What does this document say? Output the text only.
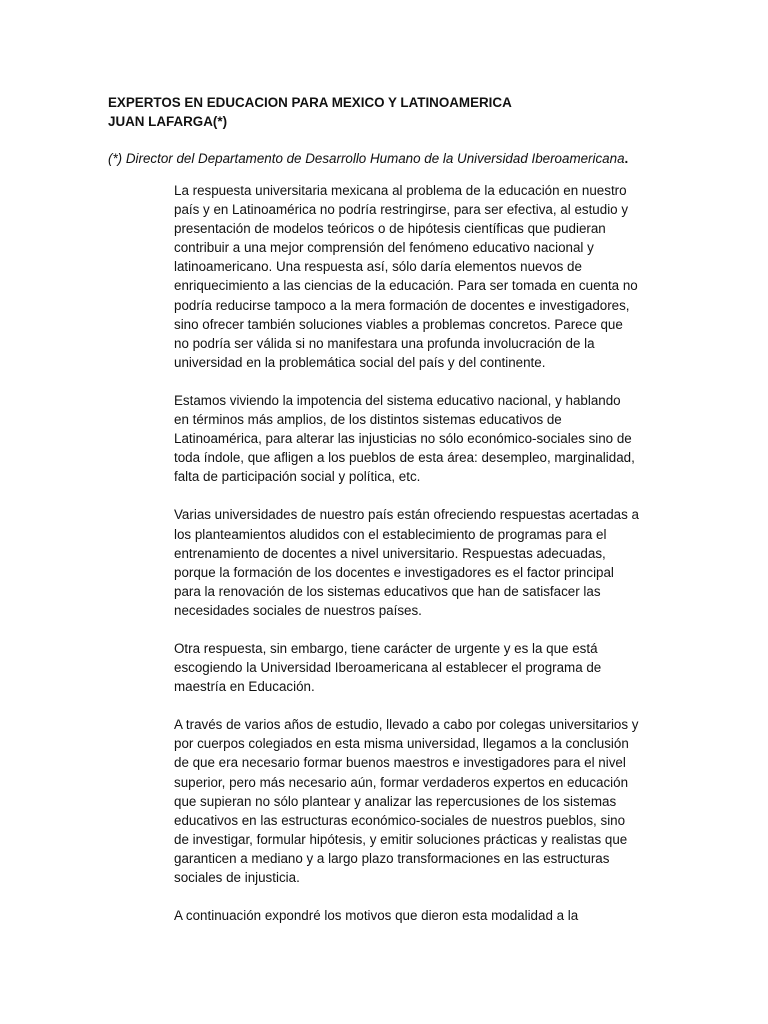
EXPERTOS EN EDUCACION PARA MEXICO Y LATINOAMERICA
JUAN LAFARGA(*)
(*) Director del Departamento de Desarrollo Humano de la Universidad Iberoamericana.
La respuesta universitaria mexicana al problema de la educación en nuestro
país y en Latinoamérica no podría restringirse, para ser efectiva, al estudio y
presentación de modelos teóricos o de hipótesis científicas que pudieran
contribuir a una mejor comprensión del fenómeno educativo nacional y
latinoamericano. Una respuesta así, sólo daría elementos nuevos de
enriquecimiento a las ciencias de la educación. Para ser tomada en cuenta no
podría reducirse tampoco a la mera formación de docentes e investigadores,
sino ofrecer también soluciones viables a problemas concretos. Parece que
no podría ser válida si no manifestara una profunda involucración de la
universidad en la problemática social del país y del continente.
Estamos viviendo la impotencia del sistema educativo nacional, y hablando
en términos más amplios, de los distintos sistemas educativos de
Latinoamérica, para alterar las injusticias no sólo económico-sociales sino de
toda índole, que afligen a los pueblos de esta área: desempleo, marginalidad,
falta de participación social y política, etc.
Varias universidades de nuestro país están ofreciendo respuestas acertadas a
los planteamientos aludidos con el establecimiento de programas para el
entrenamiento de docentes a nivel universitario. Respuestas adecuadas,
porque la formación de los docentes e investigadores es el factor principal
para la renovación de los sistemas educativos que han de satisfacer las
necesidades sociales de nuestros países.
Otra respuesta, sin embargo, tiene carácter de urgente y es la que está
escogiendo la Universidad Iberoamericana al establecer el programa de
maestría en Educación.
A través de varios años de estudio, llevado a cabo por colegas universitarios y
por cuerpos colegiados en esta misma universidad, llegamos a la conclusión
de que era necesario formar buenos maestros e investigadores para el nivel
superior, pero más necesario aún, formar verdaderos expertos en educación
que supieran no sólo plantear y analizar las repercusiones de los sistemas
educativos en las estructuras económico-sociales de nuestros pueblos, sino
de investigar, formular hipótesis, y emitir soluciones prácticas y realistas que
garanticen a mediano y a largo plazo transformaciones en las estructuras
sociales de injusticia.
A continuación expondré los motivos que dieron esta modalidad a la
